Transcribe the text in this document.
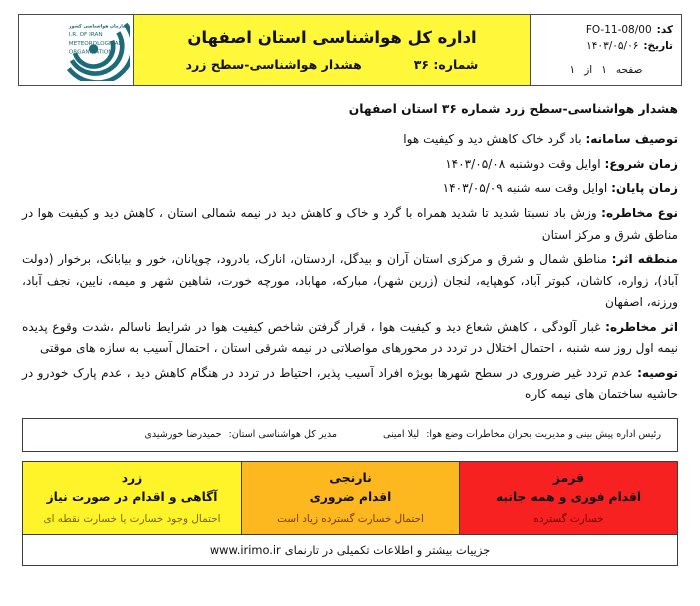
کد:
FO-11-08/00
تاریخ:
۱۴۰۳/۰۵/۰۶
صفحه
۱
از
۱
اداره کل هواشناسی استان اصفهان
شماره: ۳۶
هشدار هواشناسی-سطح زرد
سازمان هواشناسی کشور
I.R. OF IRAN
METEOROLOGICAL
ORGANIZATION
هشدار هواشناسی-سطح زرد شماره ۳۶ استان اصفهان

توصیف سامانه: باد گرد خاک کاهش دید و کیفیت هوا

زمان شروع: اوایل وقت دوشنبه ۱۴۰۳/۰۵/۰۸

زمان پایان: اوایل وقت سه شنبه ۱۴۰۳/۰۵/۰۹

نوع مخاطره: وزش باد نسبتا شدید تا شدید همراه با گرد و خاک و کاهش دید در نیمه شمالی استان ، کاهش دید و کیفیت هوا در مناطق شرق و مرکز استان

منطقه اثر: مناطق شمال و شرق و مرکزی استان آران و بیدگل، اردستان، انارک، بادرود، چوپانان، خور و بیابانک، برخوار (دولت آباد)، زواره، کاشان، کبوتر آباد، کوهپایه، لنجان (زرین شهر)، مبارکه، مهاباد، مورچه خورت، شاهین شهر و میمه، نایین، نجف آباد، ورزنه، اصفهان

اثر مخاطره: غبار آلودگی ، کاهش شعاع دید و کیفیت هوا ، قرار گرفتن شاخص کیفیت هوا در شرایط ناسالم ،شدت وقوع پدیده نیمه اول روز سه شنبه ، احتمال اختلال در تردد در محورهای مواصلاتی در نیمه شرقی استان ، احتمال آسیب به سازه های موقتی

توصیه: عدم تردد غیر ضروری در سطح شهرها بویژه افراد آسیب پذیر، احتیاط در تردد در هنگام کاهش دید ، عدم پارک خودرو در حاشیه ساختمان های نیمه کاره

رئیس اداره پیش بینی و مدیریت بحران مخاطرات وضع هوا:
لیلا امینی
مدیر کل هواشناسی استان:
حمیدرضا خورشیدی
قرمز
اقدام فوری و همه جانبه
خسارت گسترده
نارنجی
اقدام ضروری
احتمال خسارت گسترده زیاد است
زرد
آگاهی و اقدام در صورت نیاز
احتمال وجود خسارت یا خسارت نقطه ای
جزییات بیشتر و اطلاعات تکمیلی در تارنمای
www.irimo.ir
